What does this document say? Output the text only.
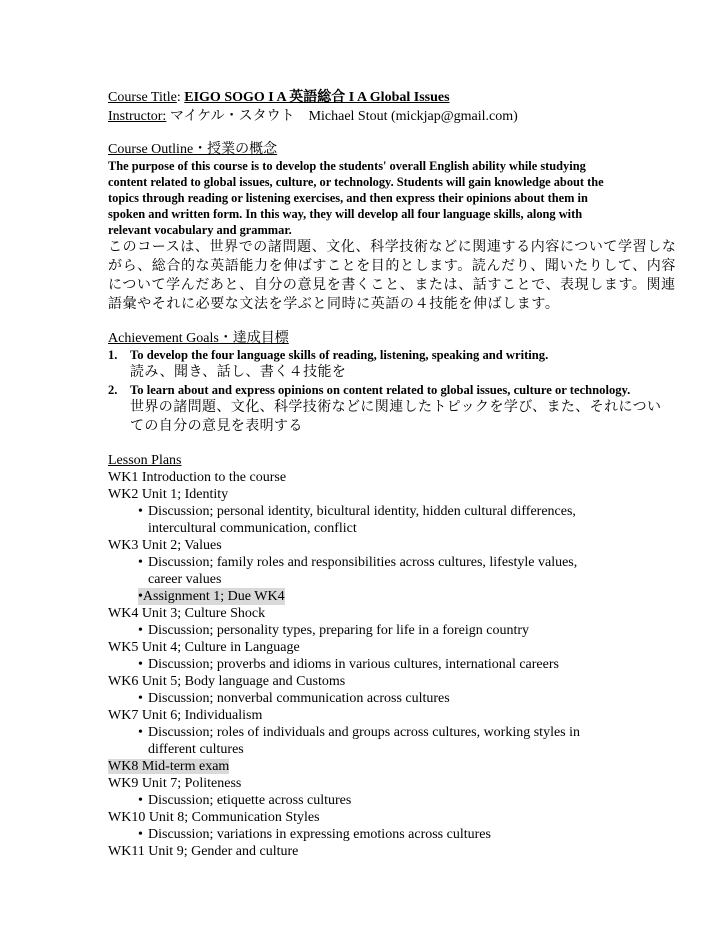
Course Title: EIGO SOGO I A 英語総合 I A Global Issues
Instructor: マイケル・スタウト　Michael Stout (mickjap@gmail.com)
Course Outline・授業の概念
The purpose of this course is to develop the students' overall English ability while studying
content related to global issues, culture, or technology. Students will gain knowledge about the
topics through reading or listening exercises, and then express their opinions about them in
spoken and written form. In this way, they will develop all four language skills, along with
relevant vocabulary and grammar.
このコースは、世界での諸問題、文化、科学技術などに関連する内容について学習しな
がら、総合的な英語能力を伸ばすことを目的とします。読んだり、聞いたりして、内容
について学んだあと、自分の意見を書くこと、または、話すことで、表現します。関連
語彙やそれに必要な文法を学ぶと同時に英語の４技能を伸ばします。
Achievement Goals・達成目標
1. To develop the four language skills of reading, listening, speaking and writing.
読み、聞き、話し、書く４技能を
2. To learn about and express opinions on content related to global issues, culture or technology.
世界の諸問題、文化、科学技術などに関連したトピックを学び、また、それについ
ての自分の意見を表明する
Lesson Plans
WK1 Introduction to the course
WK2 Unit 1; Identity
• Discussion; personal identity, bicultural identity, hidden cultural differences,
intercultural communication, conflict
WK3 Unit 2; Values
• Discussion; family roles and responsibilities across cultures, lifestyle values,
career values
•Assignment 1; Due WK4
WK4 Unit 3; Culture Shock
• Discussion; personality types, preparing for life in a foreign country
WK5 Unit 4; Culture in Language
• Discussion; proverbs and idioms in various cultures, international careers
WK6 Unit 5; Body language and Customs
• Discussion; nonverbal communication across cultures
WK7 Unit 6; Individualism
• Discussion; roles of individuals and groups across cultures, working styles in
different cultures
WK8 Mid-term exam
WK9 Unit 7; Politeness
• Discussion; etiquette across cultures
WK10 Unit 8; Communication Styles
• Discussion; variations in expressing emotions across cultures
WK11 Unit 9; Gender and culture
